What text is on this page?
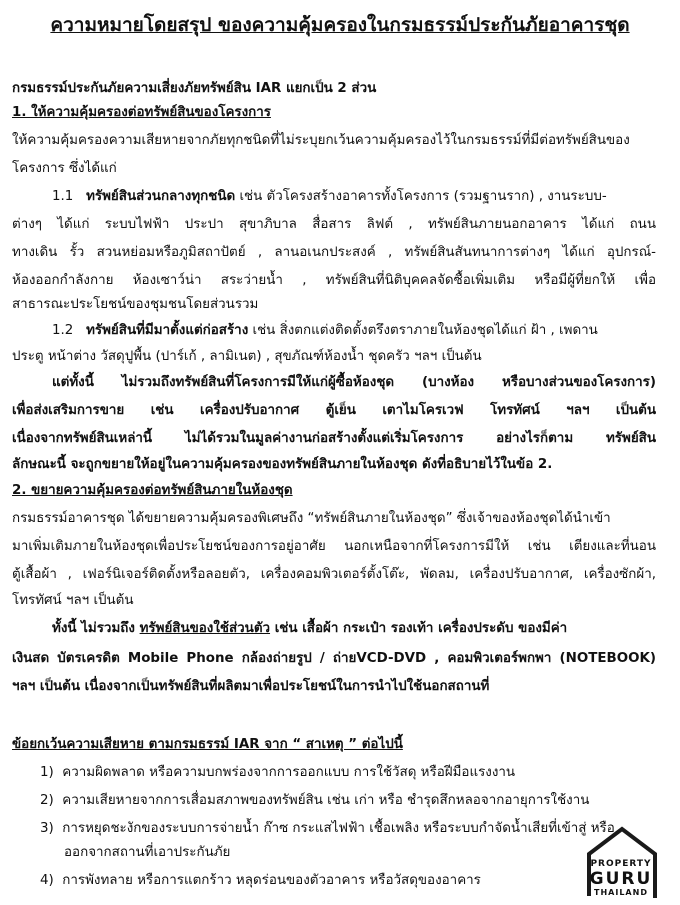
ความหมายโดยสรุป ของความคุ้มครองในกรมธรรม์ประกันภัยอาคารชุด
กรมธรรม์ประกันภัยความเสี่ยงภัยทรัพย์สิน IAR แยกเป็น 2 ส่วน
1. ให้ความคุ้มครองต่อทรัพย์สินของโครงการ
ให้ความคุ้มครองความเสียหายจากภัยทุกชนิดที่ไม่ระบุยกเว้นความคุ้มครองไว้ในกรมธรรม์ที่มีต่อทรัพย์สินของ
โครงการ ซึ่งได้แก่
1.1 ทรัพย์สินส่วนกลางทุกชนิด เช่น ตัวโครงสร้างอาคารทั้งโครงการ (รวมฐานราก) , งานระบบ-
ต่างๆ ได้แก่ ระบบไฟฟ้า ประปา สุขาภิบาล สื่อสาร ลิฟต์ , ทรัพย์สินภายนอกอาคาร ได้แก่ ถนน
ทางเดิน รั้ว สวนหย่อมหรือภูมิสถาปัตย์ , ลานอเนกประสงค์ , ทรัพย์สินสันทนาการต่างๆ ได้แก่ อุปกรณ์-
ห้องออกกำลังกาย ห้องเซาว์น่า สระว่ายน้ำ , ทรัพย์สินที่นิติบุคคลจัดซื้อเพิ่มเติม หรือมีผู้ที่ยกให้ เพื่อ
สาธารณะประโยชน์ของชุมชนโดยส่วนรวม
1.2 ทรัพย์สินที่มีมาตั้งแต่ก่อสร้าง เช่น สิ่งตกแต่งติดตั้งตรึงตราภายในห้องชุดได้แก่ ฝ้า , เพดาน
ประตู หน้าต่าง วัสดุปูพื้น (ปาร์เก้ , ลามิเนต) , สุขภัณฑ์ห้องน้ำ ชุดครัว ฯลฯ เป็นต้น
แต่ทั้งนี้ ไม่รวมถึงทรัพย์สินที่โครงการมีให้แก่ผู้ซื้อห้องชุด (บางห้อง หรือบางส่วนของโครงการ)
เพื่อส่งเสริมการขาย เช่น เครื่องปรับอากาศ ตู้เย็น เตาไมโครเวฟ โทรทัศน์ ฯลฯ เป็นต้น
เนื่องจากทรัพย์สินเหล่านี้ ไม่ได้รวมในมูลค่างานก่อสร้างตั้งแต่เริ่มโครงการ อย่างไรก็ตาม ทรัพย์สิน
ลักษณะนี้ จะถูกขยายให้อยู่ในความคุ้มครองของทรัพย์สินภายในห้องชุด ดังที่อธิบายไว้ในข้อ 2.
2. ขยายความคุ้มครองต่อทรัพย์สินภายในห้องชุด
กรมธรรม์อาคารชุด ได้ขยายความคุ้มครองพิเศษถึง “ทรัพย์สินภายในห้องชุด” ซึ่งเจ้าของห้องชุดได้นำเข้า
มาเพิ่มเติมภายในห้องชุดเพื่อประโยชน์ของการอยู่อาศัย นอกเหนือจากที่โครงการมีให้ เช่น เตียงและที่นอน
ตู้เสื้อผ้า , เฟอร์นิเจอร์ติดตั้งหรือลอยตัว, เครื่องคอมพิวเตอร์ตั้งโต๊ะ, พัดลม, เครื่องปรับอากาศ, เครื่องซักผ้า,
โทรทัศน์ ฯลฯ เป็นต้น
ทั้งนี้ ไม่รวมถึง ทรัพย์สินของใช้ส่วนตัว เช่น เสื้อผ้า กระเป๋า รองเท้า เครื่องประดับ ของมีค่า
เงินสด บัตรเครดิต Mobile Phone กล้องถ่ายรูป / ถ่ายVCD-DVD , คอมพิวเตอร์พกพา (NOTEBOOK)
ฯลฯ เป็นต้น เนื่องจากเป็นทรัพย์สินที่ผลิตมาเพื่อประโยชน์ในการนำไปใช้นอกสถานที่
ข้อยกเว้นความเสียหาย ตามกรมธรรม์ IAR จาก “ สาเหตุ ” ต่อไปนี้
1) ความผิดพลาด หรือความบกพร่องจากการออกแบบ การใช้วัสดุ หรือฝีมือแรงงาน
2) ความเสียหายจากการเสื่อมสภาพของทรัพย์สิน เช่น เก่า หรือ ชำรุดสึกหลอจากอายุการใช้งาน
3) การหยุดชะงักของระบบการจ่ายน้ำ ก๊าซ กระแสไฟฟ้า เชื้อเพลิง หรือระบบกำจัดน้ำเสียที่เข้าสู่ หรือ
ออกจากสถานที่เอาประกันภัย
4) การพังทลาย หรือการแตกร้าว หลุดร่อนของตัวอาคาร หรือวัสดุของอาคาร
PROPERTY
GURU
THAILAND
